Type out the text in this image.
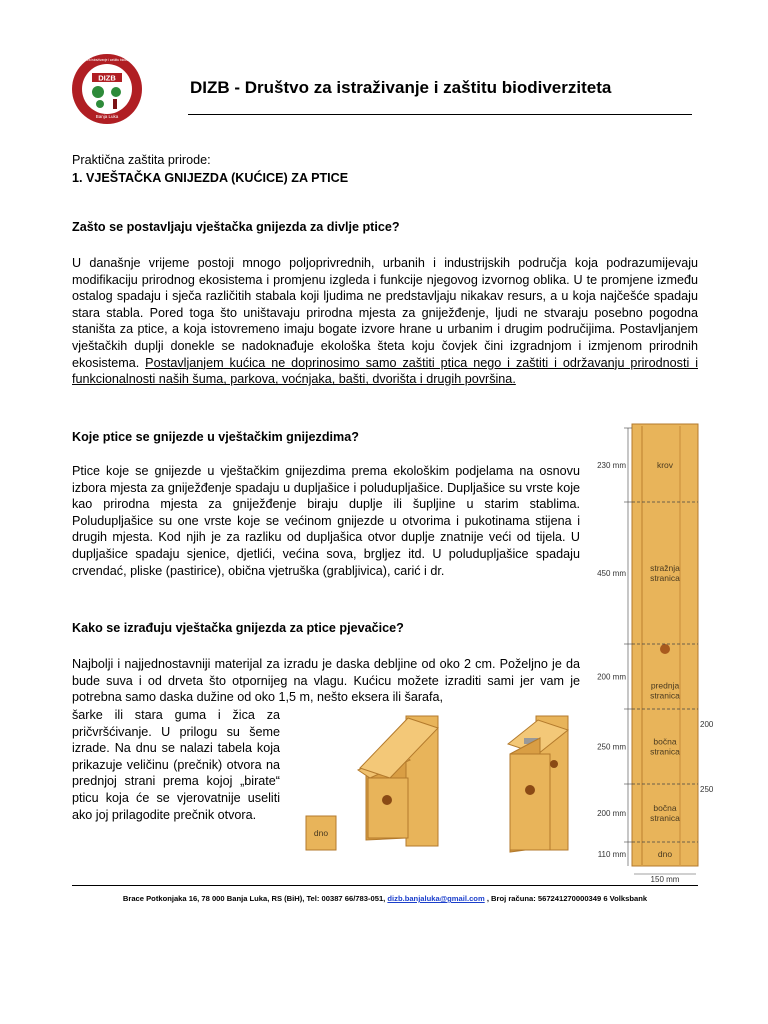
DIZB
Banja Luka
Društvo za istraživanje i zaštitu biodiverziteta
DIZB - Društvo za istraživanje i zaštitu biodiverziteta
Praktična zaštita prirode:
1. VJEŠTAČKA GNIJEZDA (KUĆICE) ZA PTICE
Zašto se postavljaju vještačka gnijezda za divlje ptice?
U današnje vrijeme postoji mnogo poljoprivrednih, urbanih i industrijskih područja koja podrazumijevaju modifikaciju prirodnog ekosistema i promjenu izgleda i funkcije njegovog izvornog oblika. U te promjene između ostalog spadaju i sječa različitih stabala koji ljudima ne predstavljaju nikakav resurs, a u koja najčešće spadaju stara stabla. Pored toga što uništavaju prirodna mjesta za gniježđenje, ljudi ne stvaraju posebno pogodna staništa za ptice, a koja istovremeno imaju bogate izvore hrane u urbanim i drugim područijima. Postavljanjem vještačkih duplji donekle se nadoknađuje ekološka šteta koju čovjek čini izgradnjom i izmjenom prirodnih ekosistema. Postavljanjem kućica ne doprinosimo samo zaštiti ptica nego i zaštiti i održavanju prirodnosti i funkcionalnosti naših šuma, parkova, voćnjaka, bašti, dvorišta i drugih površina.
Koje ptice se gnijezde u vještačkim gnijezdima?
Ptice koje se gnijezde u vještačkim gnijezdima prema ekološkim podjelama na osnovu izbora mjesta za gniježđenje spadaju u dupljašice i poludupljašice. Dupljašice su vrste koje kao prirodna mjesta za gniježđenje biraju duplje ili šupljine u starim stablima. Poludupljašice su one vrste koje se većinom gnijezde u otvorima i pukotinama stijena i drugih mjesta. Kod njih je za razliku od dupljašica otvor duplje znatnije veći od tijela. U dupljašice spadaju sjenice, djetlići, većina sova, brgljez itd. U poludupljašice spadaju crvendać, pliske (pastirice), obična vjetruška (grabljivica), carić i dr.
Kako se izrađuju vještačka gnijezda za ptice pjevačice?
Najbolji i najjednostavniji materijal za izradu je daska debljine od oko 2 cm. Poželjno je da bude suva i od drveta što otpornijeg na vlagu. Kućicu možete izraditi sami jer vam je potrebna samo daska dužine od oko 1,5 m, nešto eksera ili šarafa,
šarke ili stara guma i žica za pričvršćivanje. U prilogu su šeme izrade. Na dnu se nalazi tabela koja prikazuje veličinu (prečnik) otvora na prednjoj strani prema kojoj „birate“ pticu koja će se vjerovatnije useliti ako joj prilagodite prečnik otvora.
dno
230 mm	krov
450 mm
stražnja
stranica
200 mm
prednja
stranica
250 mm
bočna
stranica
200 mm
bočna
stranica
110 mm	dno
150 mm
200
250
Brace Potkonjaka 16, 78 000 Banja Luka, RS (BiH), Tel: 00387 66/783-051, dizb.banjaluka@gmail.com , Broj računa: 567241270000349 6 Volksbank
